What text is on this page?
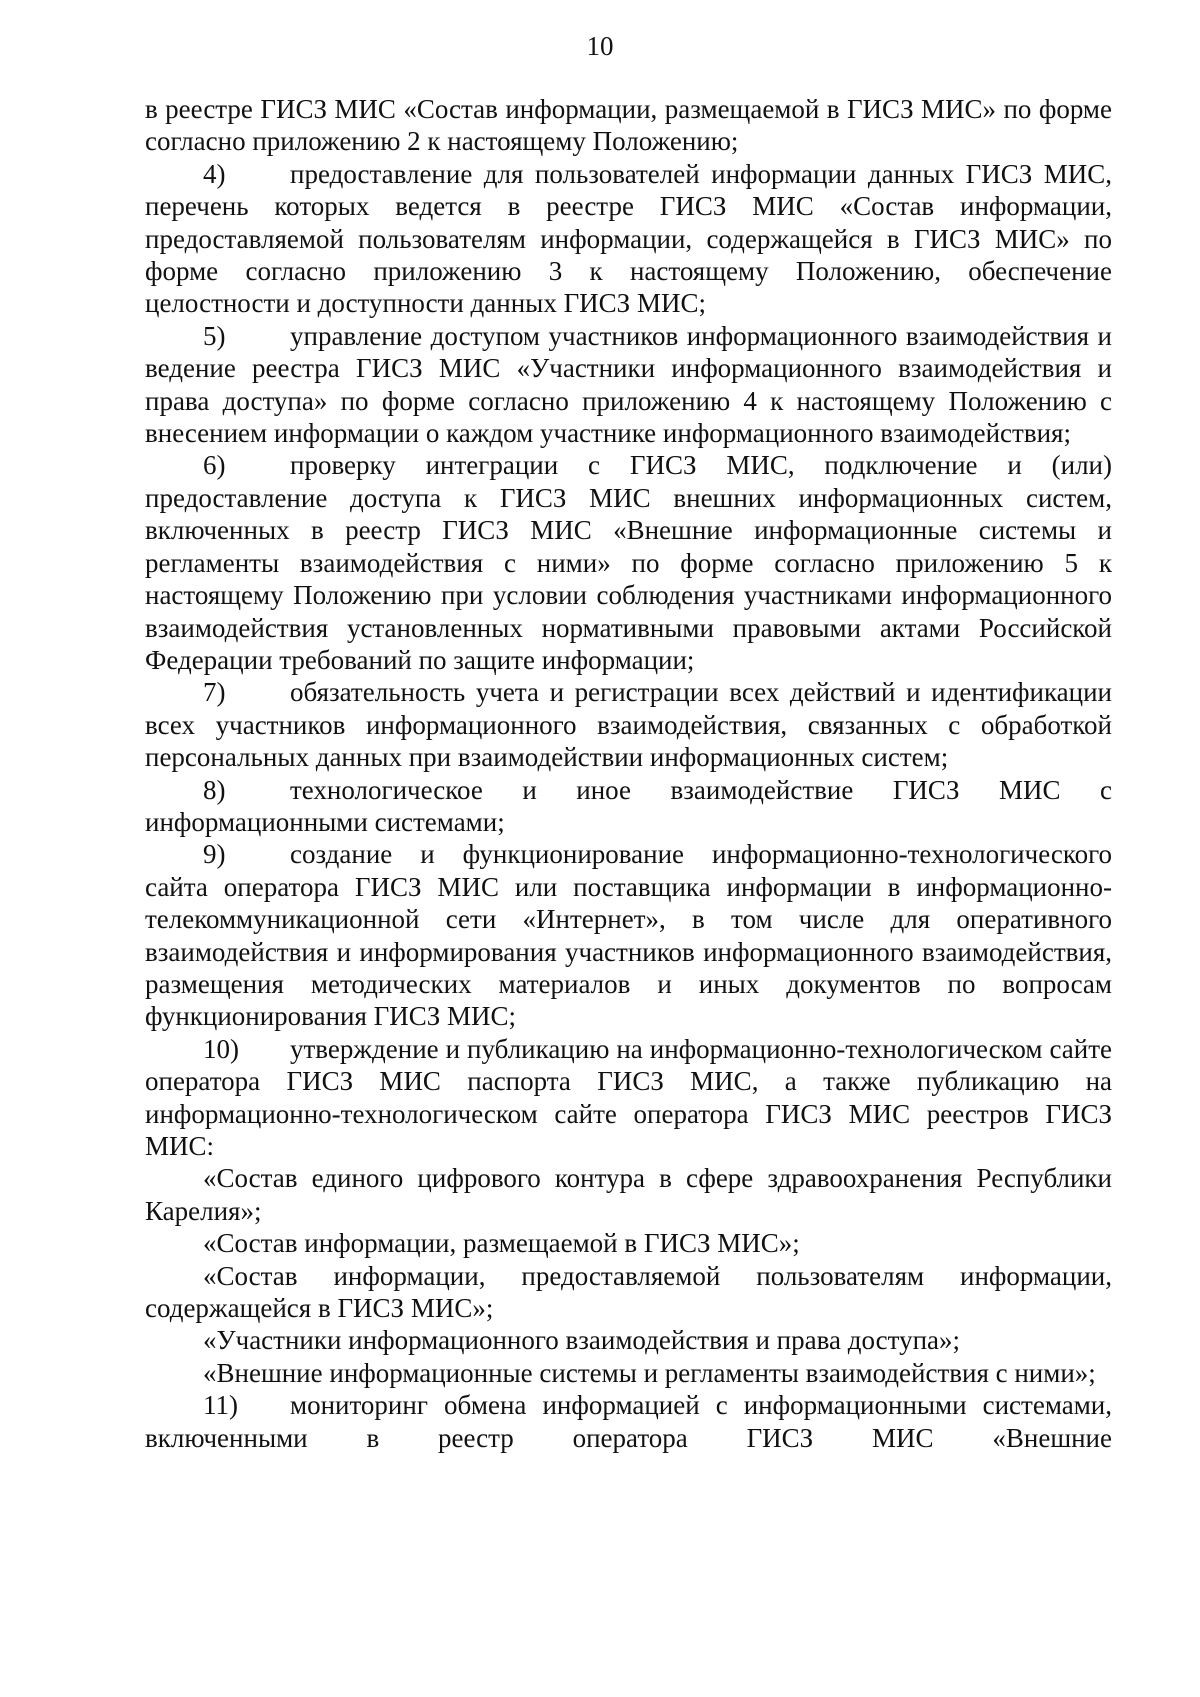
10

в реестре ГИСЗ МИС «Состав информации, размещаемой в ГИСЗ МИС» по форме согласно приложению 2 к настоящему Положению;

4) предоставление для пользователей информации данных ГИСЗ МИС, перечень которых ведется в реестре ГИСЗ МИС «Состав информации, предоставляемой пользователям информации, содержащейся в ГИСЗ МИС» по форме согласно приложению 3 к настоящему Положению, обеспечение целостности и доступности данных ГИСЗ МИС;

5) управление доступом участников информационного взаимодействия и ведение реестра ГИСЗ МИС «Участники информационного взаимодействия и права доступа» по форме согласно приложению 4 к настоящему Положению с внесением информации о каждом участнике информационного взаимодействия;

6) проверку интеграции с ГИСЗ МИС, подключение и (или) предоставление доступа к ГИСЗ МИС внешних информационных систем, включенных в реестр ГИСЗ МИС «Внешние информационные системы и регламенты взаимодействия с ними» по форме согласно приложению 5 к настоящему Положению при условии соблюдения участниками информационного взаимодействия установленных нормативными правовыми актами Российской Федерации требований по защите информации;

7) обязательность учета и регистрации всех действий и идентификации всех участников информационного взаимодействия, связанных с обработкой персональных данных при взаимодействии информационных систем;

8) технологическое и иное взаимодействие ГИСЗ МИС с информационными системами;

9) создание и функционирование информационно-технологического сайта оператора ГИСЗ МИС или поставщика информации в информационно-телекоммуникационной сети «Интернет», в том числе для оперативного взаимодействия и информирования участников информационного взаимодействия, размещения методических материалов и иных документов по вопросам функционирования ГИСЗ МИС;

10) утверждение и публикацию на информационно-технологическом сайте оператора ГИСЗ МИС паспорта ГИСЗ МИС, а также публикацию на информационно-технологическом сайте оператора ГИСЗ МИС реестров ГИСЗ МИС:

«Состав единого цифрового контура в сфере здравоохранения Республики Карелия»;

«Состав информации, размещаемой в ГИСЗ МИС»;

«Состав информации, предоставляемой пользователям информации, содержащейся в ГИСЗ МИС»;

«Участники информационного взаимодействия и права доступа»;

«Внешние информационные системы и регламенты взаимодействия с ними»;

11) мониторинг обмена информацией с информационными системами, включенными в реестр оператора ГИСЗ МИС «Внешние
